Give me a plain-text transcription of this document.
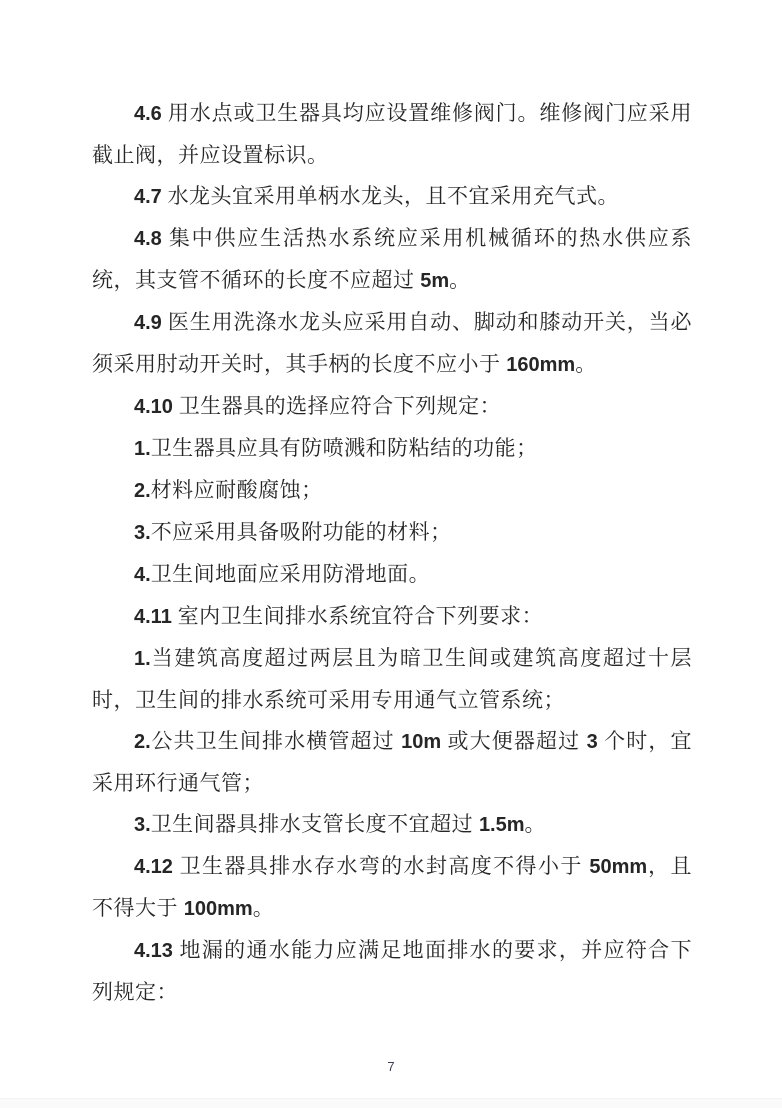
4.6 用水点或卫生器具均应设置维修阀门。维修阀门应采用截止阀，并应设置标识。

4.7 水龙头宜采用单柄水龙头，且不宜采用充气式。

4.8 集中供应生活热水系统应采用机械循环的热水供应系统，其支管不循环的长度不应超过 5m。

4.9 医生用洗涤水龙头应采用自动、脚动和膝动开关，当必须采用肘动开关时，其手柄的长度不应小于 160mm。

4.10 卫生器具的选择应符合下列规定：

1.卫生器具应具有防喷溅和防粘结的功能；

2.材料应耐酸腐蚀；

3.不应采用具备吸附功能的材料；

4.卫生间地面应采用防滑地面。

4.11 室内卫生间排水系统宜符合下列要求：

1.当建筑高度超过两层且为暗卫生间或建筑高度超过十层时，卫生间的排水系统可采用专用通气立管系统；

2.公共卫生间排水横管超过 10m 或大便器超过 3 个时，宜采用环行通气管；

3.卫生间器具排水支管长度不宜超过 1.5m。

4.12 卫生器具排水存水弯的水封高度不得小于 50mm，且不得大于 100mm。

4.13 地漏的通水能力应满足地面排水的要求，并应符合下列规定：

7
